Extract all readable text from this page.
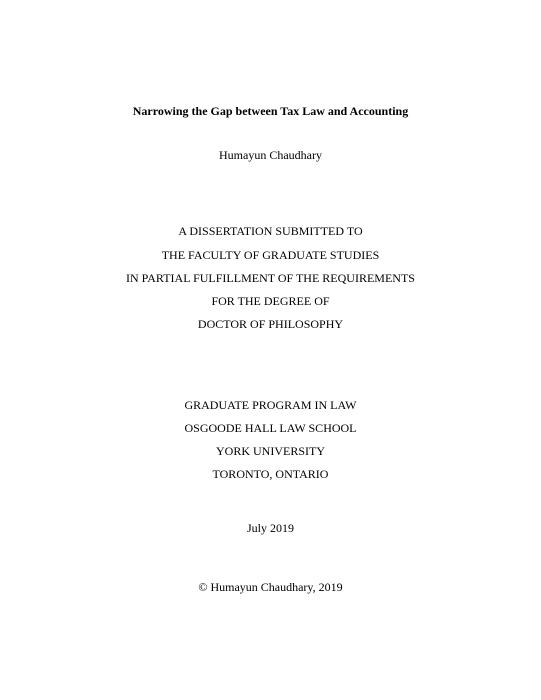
Narrowing the Gap between Tax Law and Accounting
Humayun Chaudhary
A DISSERTATION SUBMITTED TO
THE FACULTY OF GRADUATE STUDIES
IN PARTIAL FULFILLMENT OF THE REQUIREMENTS
FOR THE DEGREE OF
DOCTOR OF PHILOSOPHY
GRADUATE PROGRAM IN LAW
OSGOODE HALL LAW SCHOOL
YORK UNIVERSITY
TORONTO, ONTARIO
July 2019
© Humayun Chaudhary, 2019
